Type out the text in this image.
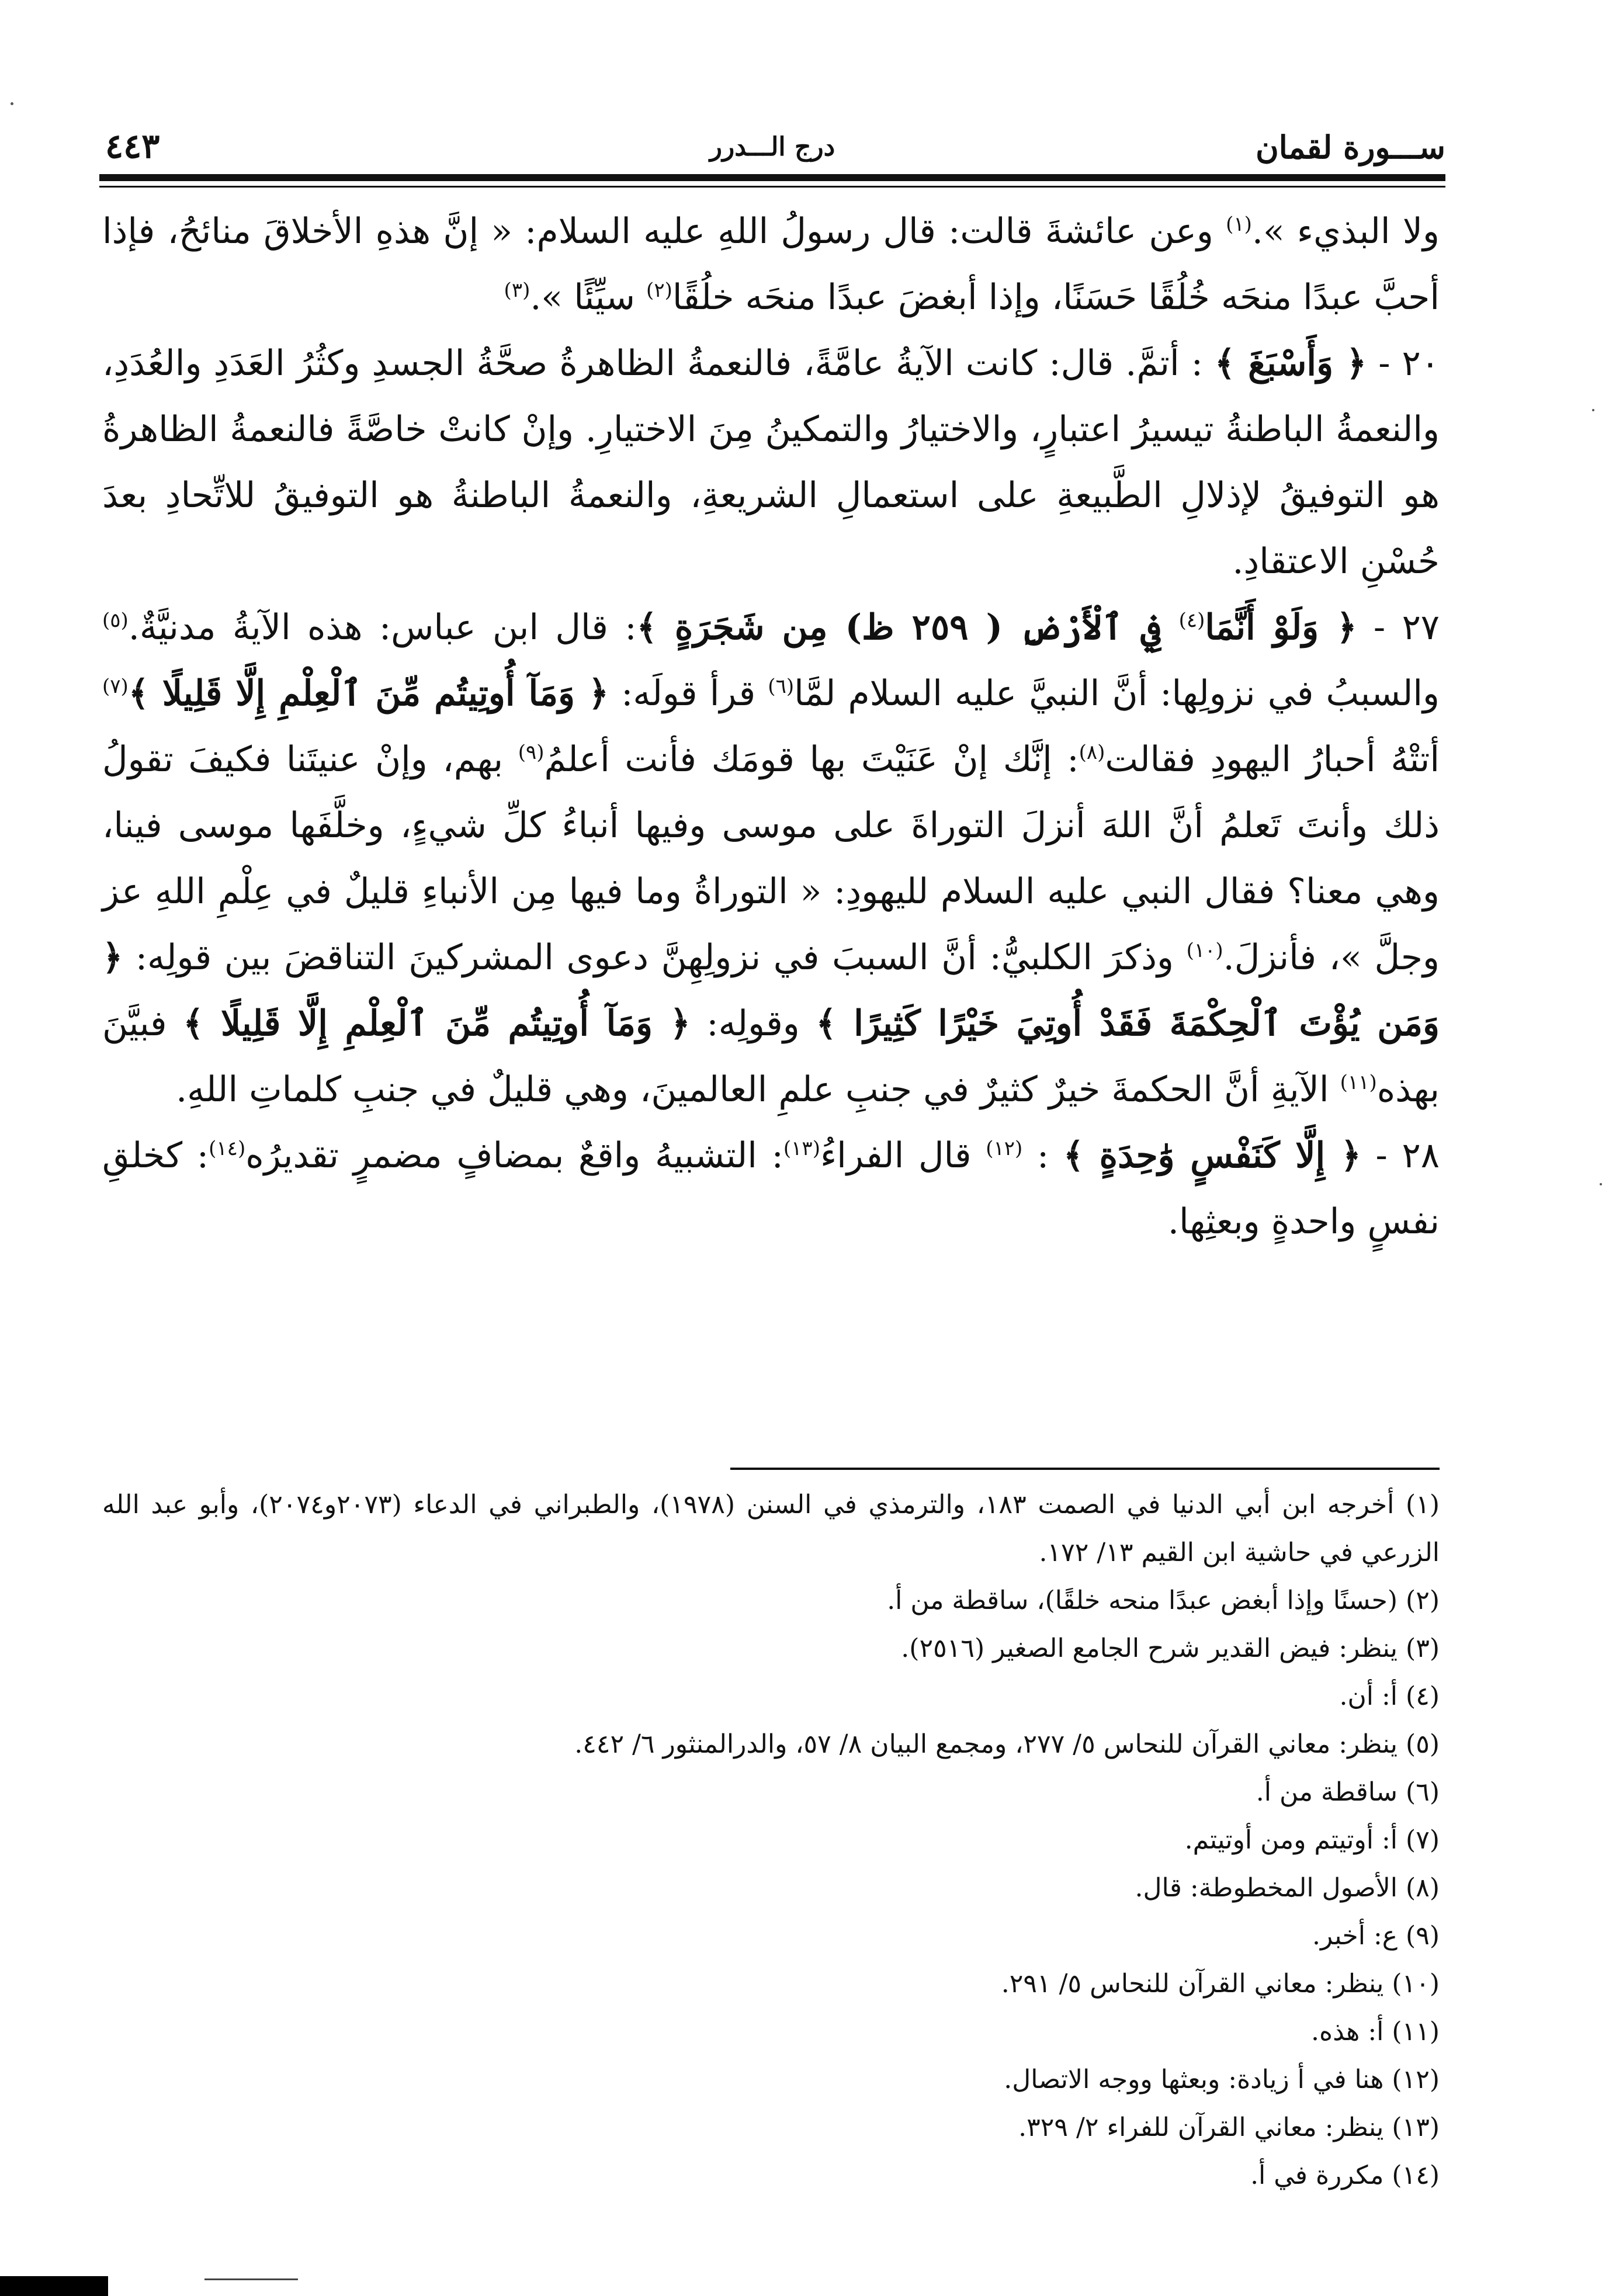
ســـورة لقمان
درج الـــدرر
٤٤٣

ولا البذيء ».$^{(١)}$ وعن عائشةَ قالت: قال رسولُ اللهِ عليه السلام: « إنَّ هذهِ الأخلاقَ منائحُ، فإذا أحبَّ عبدًا منحَه خُلُقًا حَسَنًا، وإذا أبغضَ عبدًا منحَه خلُقًا$^{(٢)}$ سيِّئًا ».$^{(٣)}$

٢٠ - ﴿ وَأَسْبَغَ ﴾ : أتمَّ. قال: كانت الآيةُ عامَّةً، فالنعمةُ الظاهرةُ صحَّةُ الجسدِ وكثُرُ العَدَدِ والعُدَدِ، والنعمةُ الباطنةُ تيسيرُ اعتبارٍ، والاختيارُ والتمكينُ مِنَ الاختيارِ. وإنْ كانتْ خاصَّةً فالنعمةُ الظاهرةُ هو التوفيقُ لإذلالِ الطَّبيعةِ على استعمالِ الشريعةِ، والنعمةُ الباطنةُ هو التوفيقُ للاتِّحادِ بعدَ حُسْنِ الاعتقادِ.

٢٧ - ﴿ وَلَوْ أَنَّمَا$^{(٤)}$ فِي ٱلْأَرْضِ ( ٢٥٩ ظ) مِن شَجَرَةٍ ﴾: قال ابن عباس: هذه الآيةُ مدنيَّةٌ.$^{(٥)}$ والسببُ في نزولِها: أنَّ النبيَّ عليه السلام لمَّا$^{(٦)}$ قرأ قولَه: ﴿ وَمَآ أُوتِيتُم مِّنَ ٱلْعِلْمِ إِلَّا قَلِيلًا ﴾$^{(٧)}$ أتتْهُ أحبارُ اليهودِ فقالت$^{(٨)}$: إنَّك إنْ عَنَيْتَ بها قومَك فأنت أعلمُ$^{(٩)}$ بهم، وإنْ عنيتَنا فكيفَ تقولُ ذلك وأنتَ تَعلمُ أنَّ اللهَ أنزلَ التوراةَ على موسى وفيها أنباءُ كلِّ شيءٍ، وخلَّفَها موسى فينا، وهي معنا؟ فقال النبي عليه السلام لليهودِ: « التوراةُ وما فيها مِن الأنباءِ قليلٌ في عِلْمِ اللهِ عز وجلَّ »، فأنزلَ.$^{(١٠)}$ وذكرَ الكلبيُّ: أنَّ السببَ في نزولِهِنَّ دعوى المشركينَ التناقضَ بين قولِه: ﴿ وَمَن يُؤْتَ ٱلْحِكْمَةَ فَقَدْ أُوتِيَ خَيْرًا كَثِيرًا ﴾ وقولِه: ﴿ وَمَآ أُوتِيتُم مِّنَ ٱلْعِلْمِ إِلَّا قَلِيلًا ﴾ فبيَّنَ بهذه$^{(١١)}$ الآيةِ أنَّ الحكمةَ خيرٌ كثيرٌ في جنبِ علمِ العالمينَ، وهي قليلٌ في جنبِ كلماتِ اللهِ.

٢٨ - ﴿ إِلَّا كَنَفْسٍ وَٰحِدَةٍ ﴾ : $^{(١٢)}$ قال الفراءُ$^{(١٣)}$: التشبيهُ واقعٌ بمضافٍ مضمرٍ تقديرُه$^{(١٤)}$: كخلقِ نفسٍ واحدةٍ وبعثِها.

(١) أخرجه ابن أبي الدنيا في الصمت ١٨٣، والترمذي في السنن (١٩٧٨)، والطبراني في الدعاء (٢٠٧٣و٢٠٧٤)، وأبو عبد الله الزرعي في حاشية ابن القيم ١٣/ ١٧٢.
(٢) (حسنًا وإذا أبغض عبدًا منحه خلقًا)، ساقطة من أ.
(٣) ينظر: فيض القدير شرح الجامع الصغير (٢٥١٦).
(٤) أ: أن.
(٥) ينظر: معاني القرآن للنحاس ٥/ ٢٧٧، ومجمع البيان ٨/ ٥٧، والدرالمنثور ٦/ ٤٤٢.
(٦) ساقطة من أ.
(٧) أ: أوتيتم ومن أوتيتم.
(٨) الأصول المخطوطة: قال.
(٩) ع: أخبر.
(١٠) ينظر: معاني القرآن للنحاس ٥/ ٢٩١.
(١١) أ: هذه.
(١٢) هنا في أ زيادة: وبعثها ووجه الاتصال.
(١٣) ينظر: معاني القرآن للفراء ٢/ ٣٢٩.
(١٤) مكررة في أ.
